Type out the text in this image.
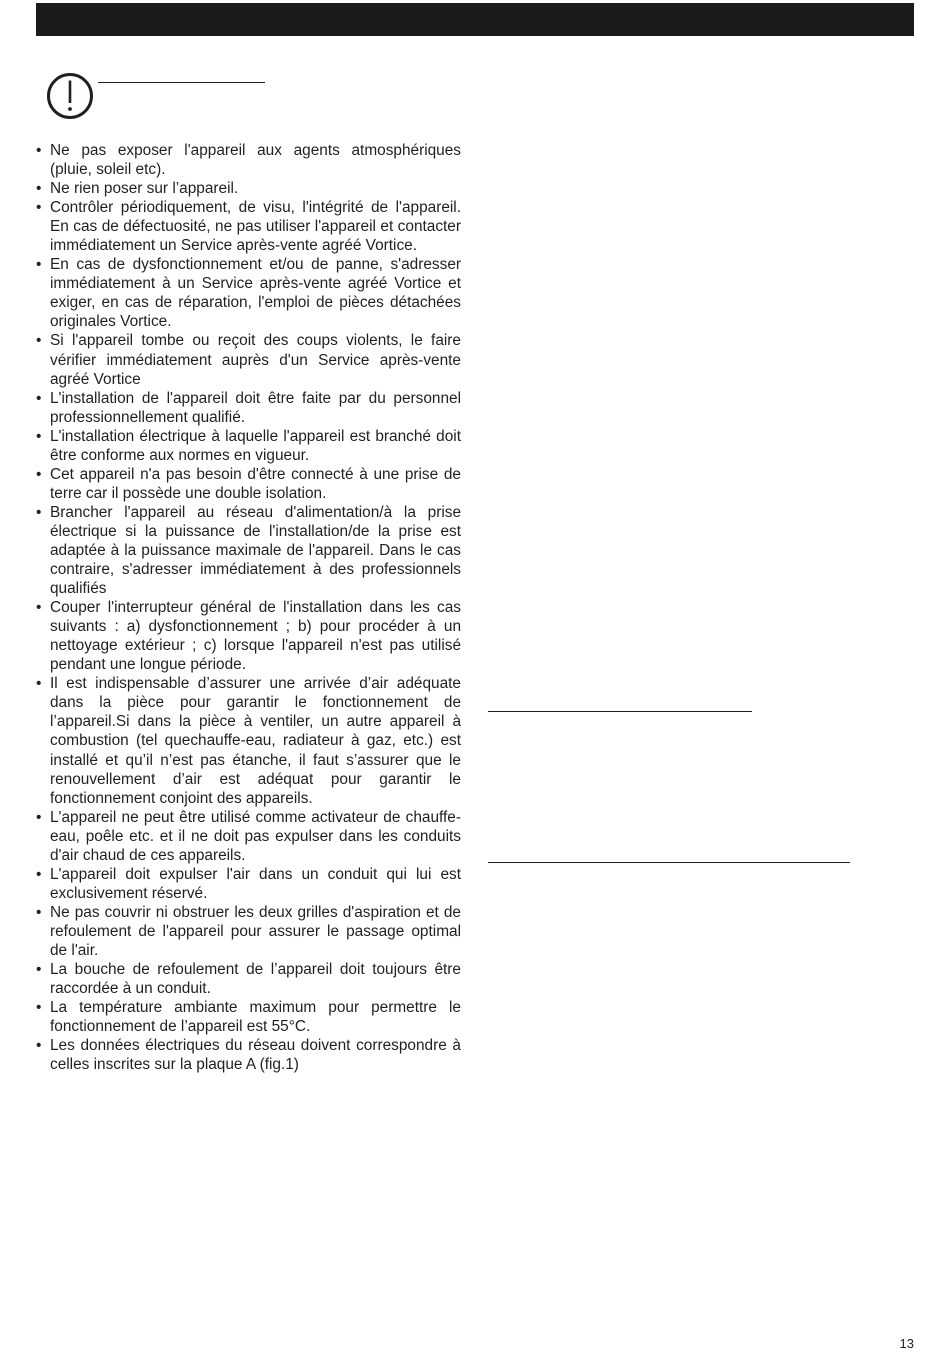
• Ne pas exposer l'appareil aux agents atmosphériques (pluie, soleil etc).
• Ne rien poser sur l’appareil.
• Contrôler périodiquement, de visu, l'intégrité de l'appareil. En cas de défectuosité, ne pas utiliser l'appareil et contacter immédiatement un Service après-vente agréé Vortice.
• En cas de dysfonctionnement et/ou de panne, s'adresser immédiatement à un Service après-vente agréé Vortice et exiger, en cas de réparation, l'emploi de pièces détachées originales Vortice.
• Si l'appareil tombe ou reçoit des coups violents, le faire vérifier immédiatement auprès d'un Service après-vente agréé Vortice
• L'installation de l'appareil doit être faite par du personnel professionnellement qualifié.
• L'installation électrique à laquelle l'appareil est branché doit être conforme aux normes en vigueur.
• Cet appareil n'a pas besoin d'être connecté à une prise de terre car il possède une double isolation.
• Brancher l'appareil au réseau d'alimentation/à la prise électrique si la puissance de l'installation/de la prise est adaptée à la puissance maximale de l'appareil. Dans le cas contraire, s'adresser immédiatement à des professionnels qualifiés
• Couper l'interrupteur général de l'installation dans les cas suivants : a) dysfonctionnement ; b) pour procéder à un nettoyage extérieur ; c) lorsque l'appareil n'est pas utilisé pendant une longue période.
• Il est indispensable d’assurer une arrivée d’air adéquate dans la pièce pour garantir le fonctionnement de l’appareil.Si dans la pièce à ventiler, un autre appareil à combustion (tel quechauffe-eau, radiateur à gaz, etc.) est installé et qu’il n’est pas étanche, il faut s’assurer que le renouvellement d’air est adéquat pour garantir le fonctionnement conjoint des appareils.
• L'appareil ne peut être utilisé comme activateur de chauffe-eau, poêle etc. et il ne doit pas expulser dans les conduits d'air chaud de ces appareils.
• L'appareil doit expulser l'air dans un conduit qui lui est exclusivement réservé.
• Ne pas couvrir ni obstruer les deux grilles d'aspiration et de refoulement de l'appareil pour assurer le passage optimal de l'air.
• La bouche de refoulement de l’appareil doit toujours être raccordée à un conduit.
• La température ambiante maximum pour permettre le fonctionnement de l’appareil est 55°C.
• Les données électriques du réseau doivent correspondre à celles inscrites sur la plaque A (fig.1)
13
